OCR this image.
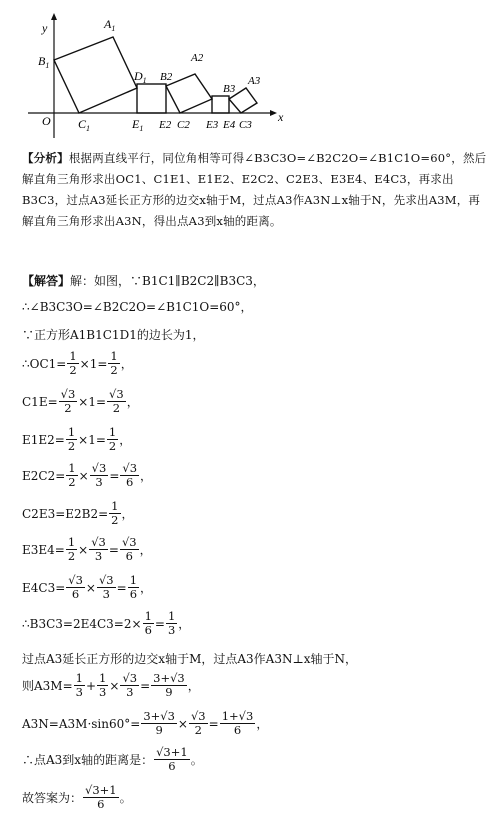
y
x
O
$B_1$
$A_1$
$C_1$
$D_1$
$E_1$
B2
A2
E2 C2
B3
A3
E3 E4 C3
【分析】根据两直线平行，同位角相等可得∠B3C3O=∠B2C2O=∠B1C1O=60°，然后解直角三角形求出OC1、C1E1、E1E2、E2C2、C2E3、E3E4、E4C3，再求出B3C3，过点A3延长正方形的边交x轴于M，过点A3作A3N⊥x轴于N，先求出A3M，再解直角三角形求出A3N，得出点A3到x轴的距离。
【解答】 解：如图，∵B1C1∥B2C2∥B3C3，
∴∠B3C3O=∠B2C2O=∠B1C1O=60°，
∵正方形A1B1C1D1的边长为1，
∴OC1= $\frac{1}{2} \times 1= \frac{1}{2}$ ，
$C1E= \frac{√3}{2} \times 1= \frac{√3}{2}$ ，
$E1E2= \frac{1}{2} \times 1= \frac{1}{2}$ ，
$E2C2= \frac{1}{2} \times \frac{√3}{3} = \frac{√3}{6}$ ，
$C2E3=E2B2= \frac{1}{2}$ ，
$E3E4= \frac{1}{2} \times \frac{√3}{3} = \frac{√3}{6}$ ，
$E4C3= \frac{√3}{6} \times \frac{√3}{3} = \frac{1}{6}$ ，
∴B3C3=2E4C3=2× $\frac{1}{6} = \frac{1}{3}$ ，
过点A3延长正方形的边交x轴于M，过点A3作A3N⊥x轴于N，
则$A3M= \frac{1}{3} + \frac{1}{3} \times \frac{√3}{3} = \frac{3+√3}{9}$ ，
$A3N=A3M\cdot\sin 60^\circ= \frac{3+√3}{9} \times \frac{√3}{2} = \frac{1+√3}{6}$ ，
∴点A3到x轴的距离是： $\frac{√3+1}{6}$ 。
故答案为： $\frac{√3+1}{6}$ 。
